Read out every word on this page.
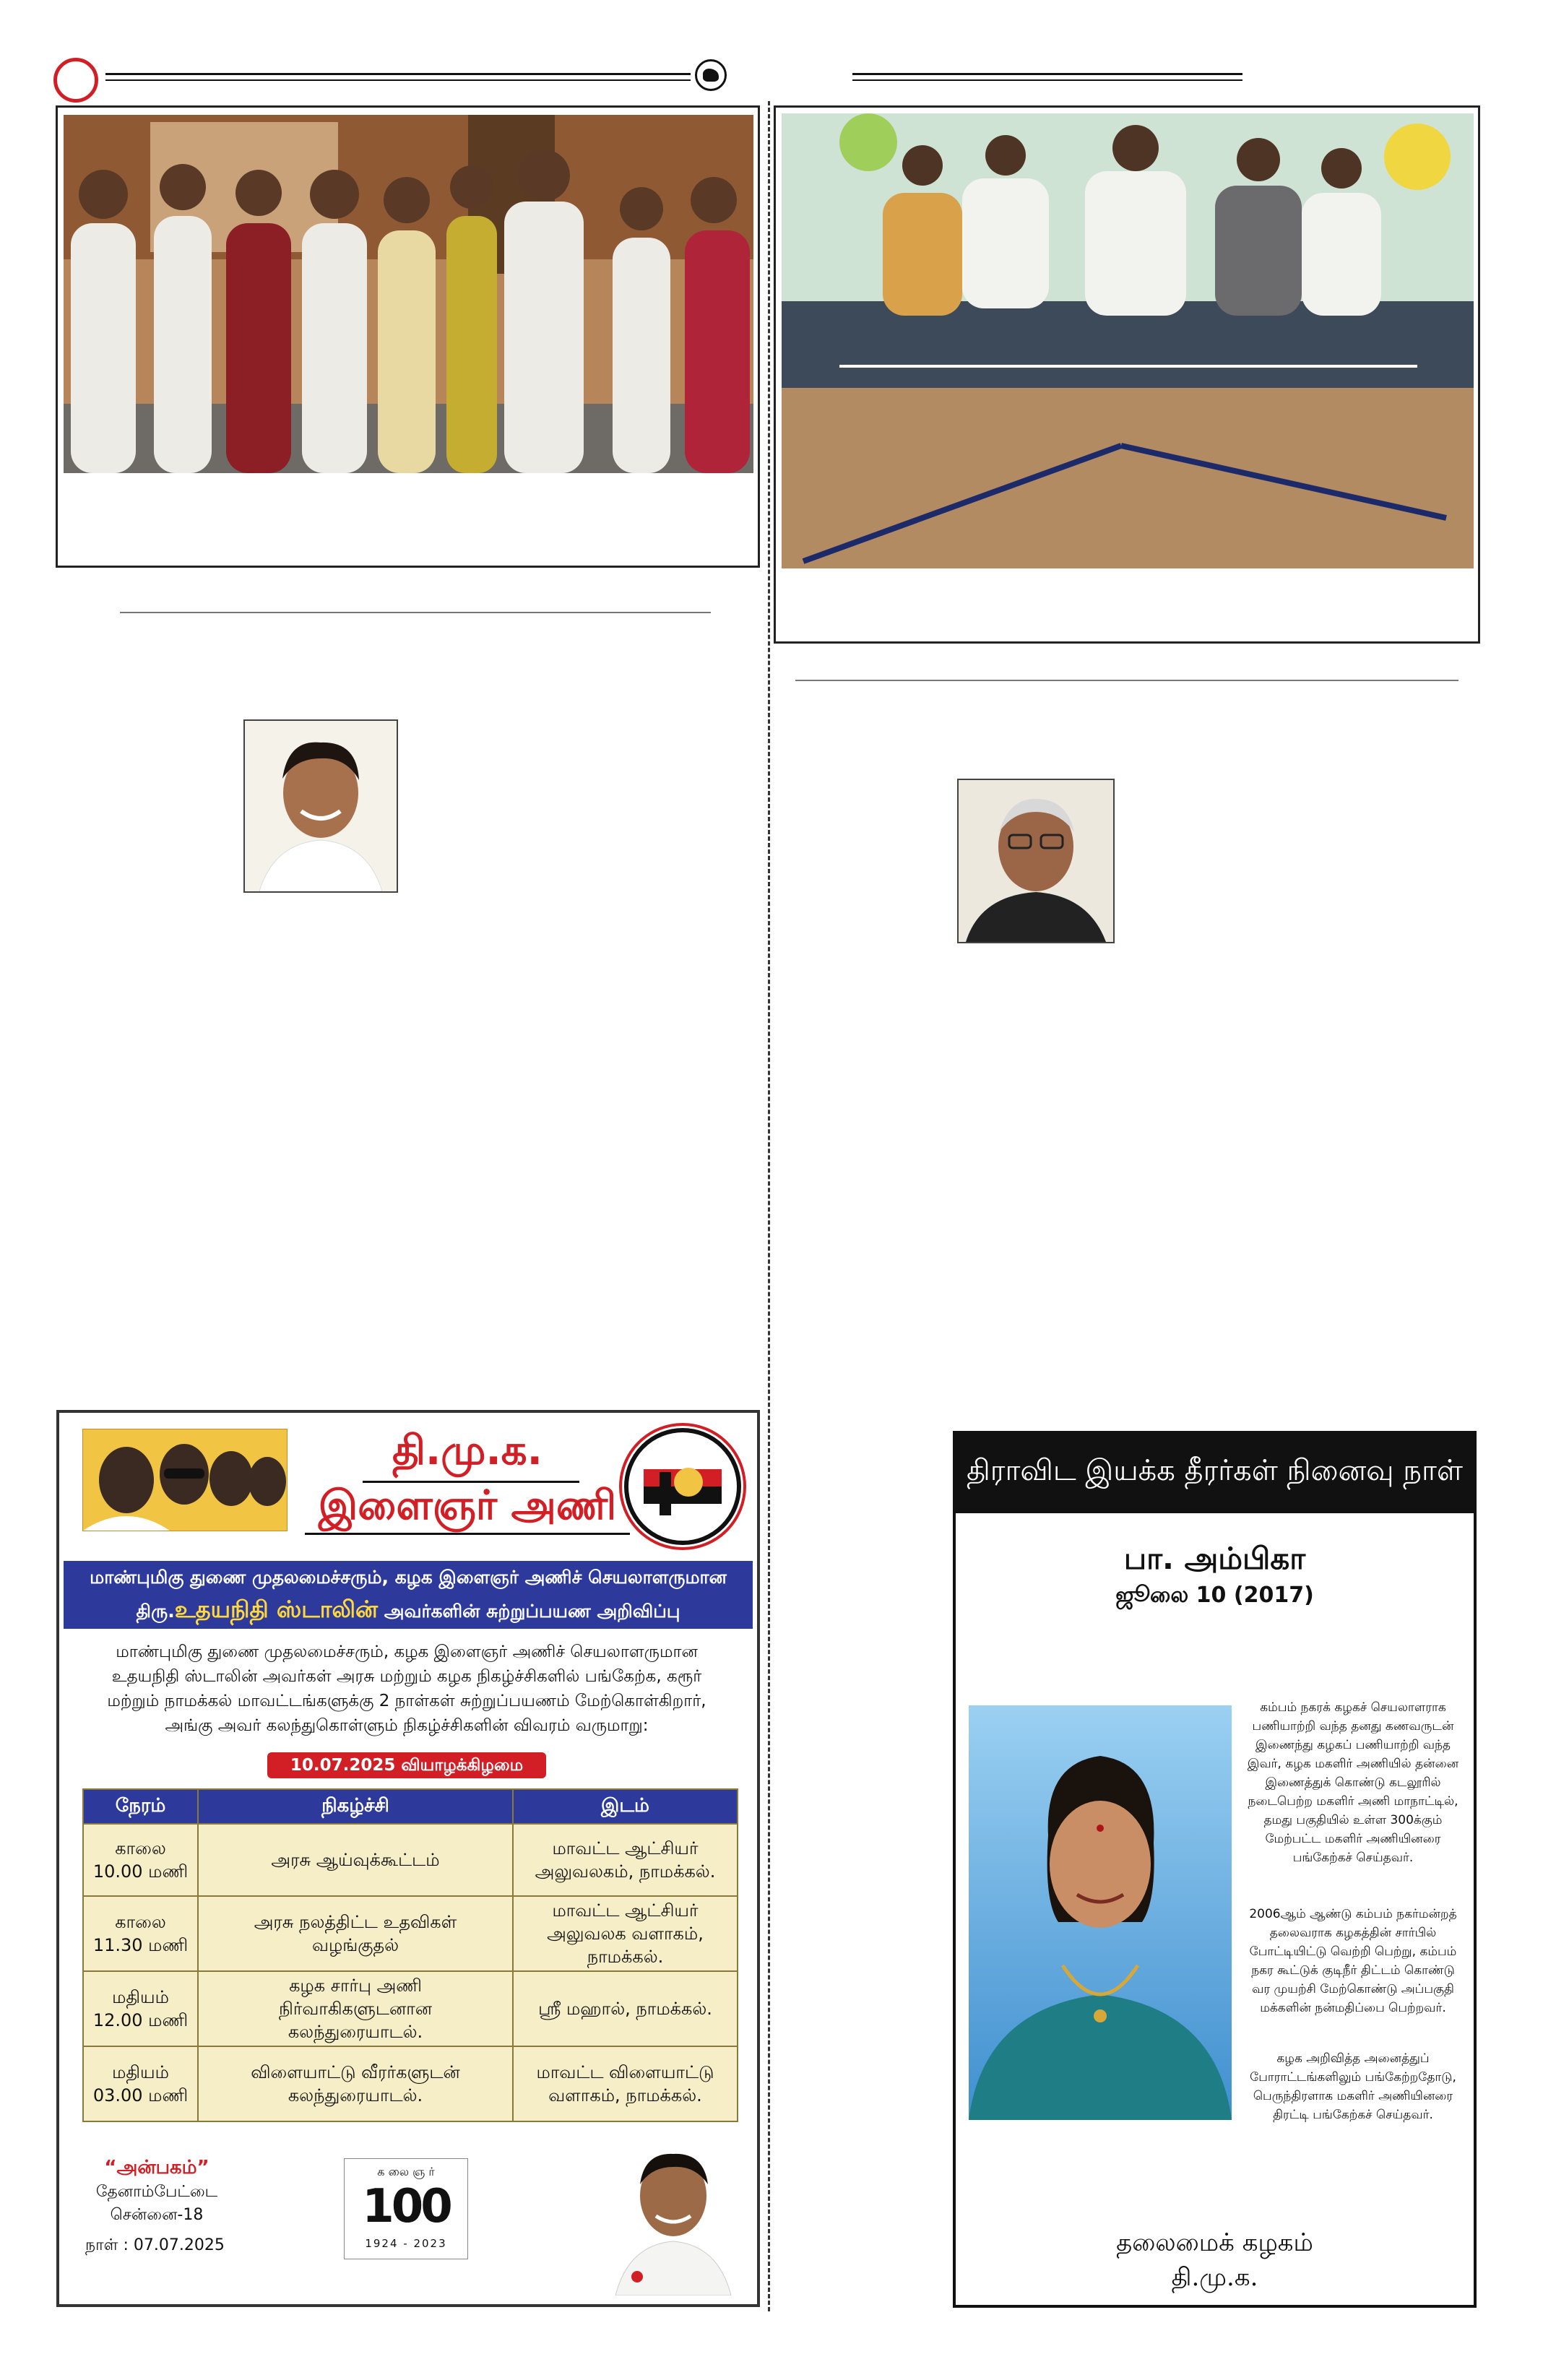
தி.மு.க.
இளைஞர் அணி
மாண்புமிகு துணை முதலமைச்சரும், கழக இளைஞர் அணிச் செயலாளருமான
திரு.உதயநிதி ஸ்டாலின் அவர்களின் சுற்றுப்பயண அறிவிப்பு
மாண்புமிகு துணை முதலமைச்சரும், கழக இளைஞர் அணிச் செயலாளருமான உதயநிதி ஸ்டாலின் அவர்கள் அரசு மற்றும் கழக நிகழ்ச்சிகளில் பங்கேற்க, கரூர் மற்றும் நாமக்கல் மாவட்டங்களுக்கு 2 நாள்கள் சுற்றுப்பயணம் மேற்கொள்கிறார், அங்கு அவர் கலந்துகொள்ளும் நிகழ்ச்சிகளின் விவரம் வருமாறு:
10.07.2025 வியாழக்கிழமை
நேரம்	நிகழ்ச்சி	இடம்

காலை
10.00 மணி	அரசு ஆய்வுக்கூட்டம்	மாவட்ட ஆட்சியர் அலுவலகம், நாமக்கல்.

காலை
11.30 மணி	அரசு நலத்திட்ட உதவிகள் வழங்குதல்	மாவட்ட ஆட்சியர் அலுவலக வளாகம், நாமக்கல்.

மதியம்
12.00 மணி	கழக சார்பு அணி நிர்வாகிகளுடனான கலந்துரையாடல்.	ஸ்ரீ மஹால், நாமக்கல்.

மதியம்
03.00 மணி	விளையாட்டு வீரர்களுடன் கலந்துரையாடல்.	மாவட்ட விளையாட்டு வளாகம், நாமக்கல்.
“அன்பகம்”
தேனாம்பேட்டை
சென்னை-18
நாள் : 07.07.2025
க லை ஞ ர்
100
1924 - 2023
திராவிட இயக்க தீரர்கள் நினைவு நாள்
பா. அம்பிகா
ஜூலை 10 (2017)
கம்பம் நகரக் கழகச் செயலாளராக பணியாற்றி வந்த தனது கணவருடன் இணைந்து கழகப் பணியாற்றி வந்த இவர், கழக மகளிர் அணியில் தன்னை இணைத்துக் கொண்டு கடலூரில் நடைபெற்ற மகளிர் அணி மாநாட்டில், தமது பகுதியில் உள்ள 300க்கும் மேற்பட்ட மகளிர் அணியினரை பங்கேற்கச் செய்தவர்.
2006ஆம் ஆண்டு கம்பம் நகர்மன்றத் தலைவராக கழகத்தின் சார்பில் போட்டியிட்டு வெற்றி பெற்று, கம்பம் நகர கூட்டுக் குடிநீர் திட்டம் கொண்டு வர முயற்சி மேற்கொண்டு அப்பகுதி மக்களின் நன்மதிப்பை பெற்றவர்.
கழக அறிவித்த அனைத்துப் போராட்டங்களிலும் பங்கேற்றதோடு, பெருந்திரளாக மகளிர் அணியினரை திரட்டி பங்கேற்கச் செய்தவர்.
தலைமைக் கழகம்
தி.மு.க.
